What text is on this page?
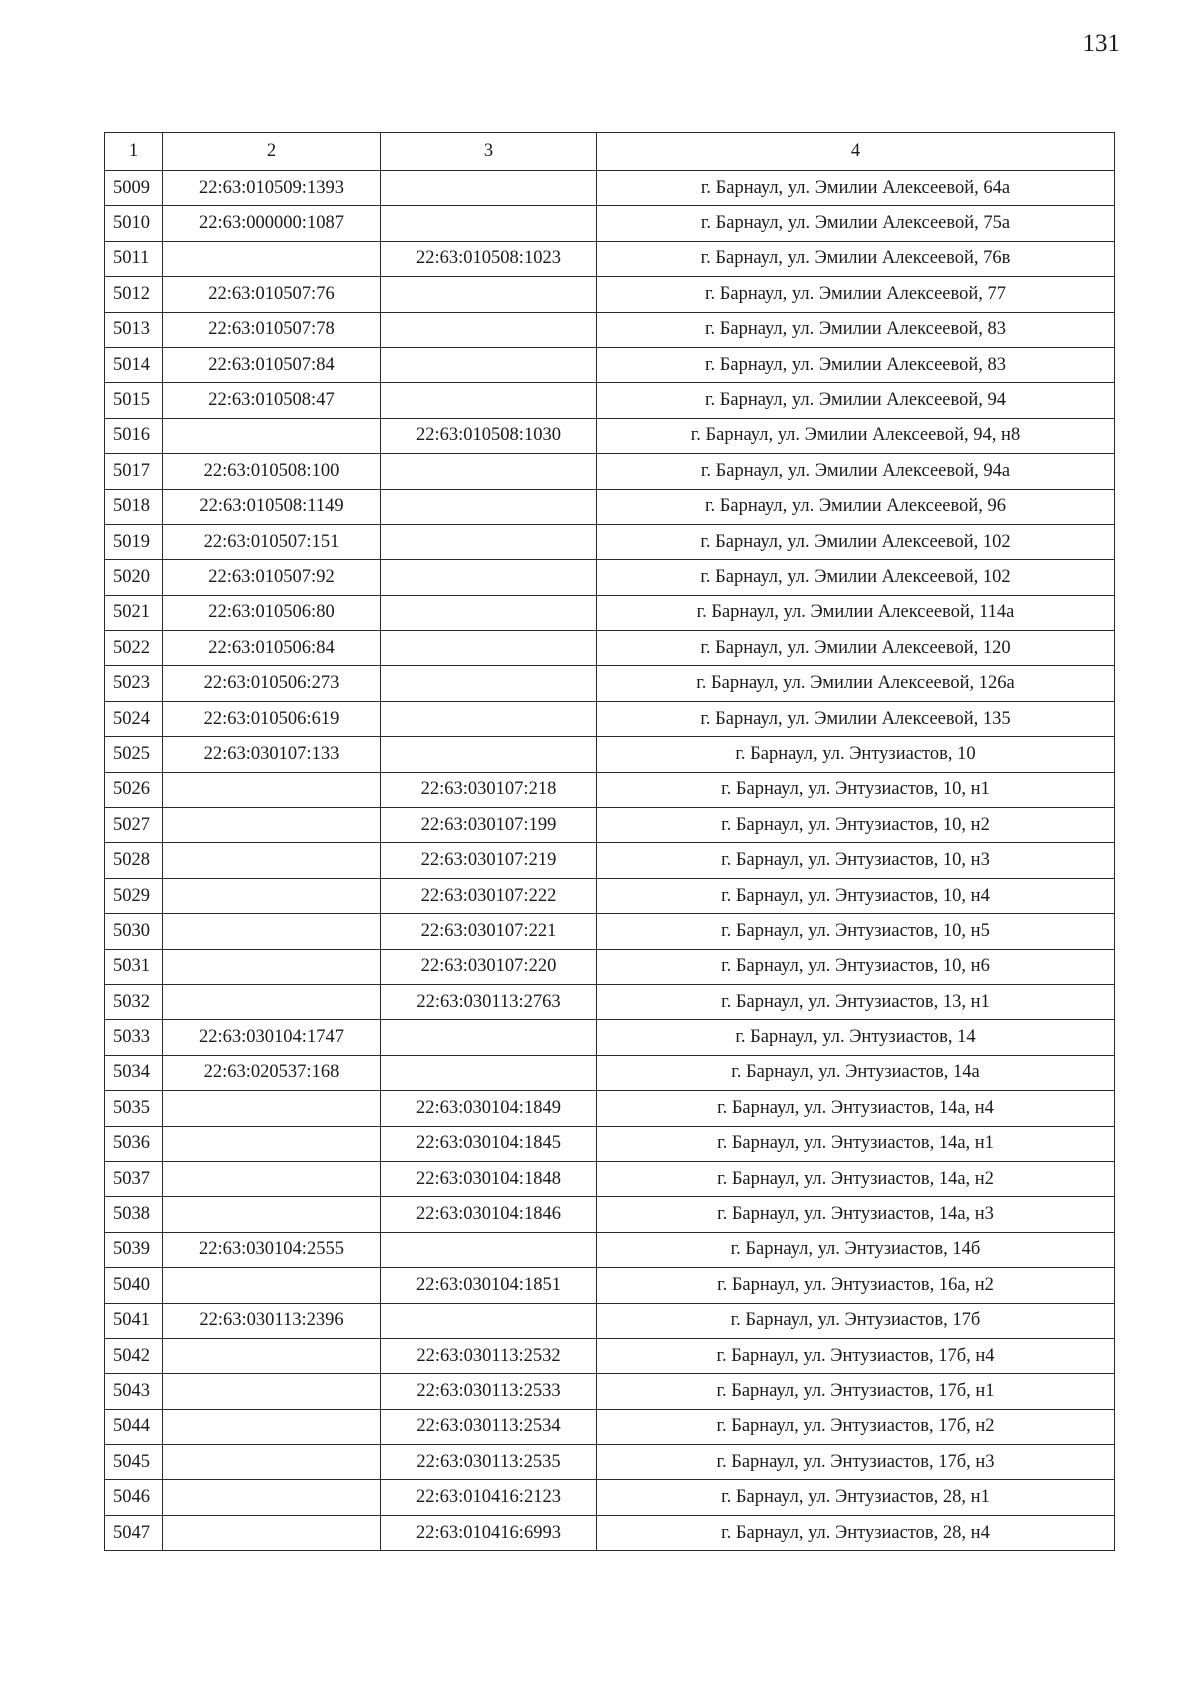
131
1	2	3	4
5009	22:63:010509:1393		г. Барнаул, ул. Эмилии Алексеевой, 64а
5010	22:63:000000:1087		г. Барнаул, ул. Эмилии Алексеевой, 75а
5011		22:63:010508:1023	г. Барнаул, ул. Эмилии Алексеевой, 76в
5012	22:63:010507:76		г. Барнаул, ул. Эмилии Алексеевой, 77
5013	22:63:010507:78		г. Барнаул, ул. Эмилии Алексеевой, 83
5014	22:63:010507:84		г. Барнаул, ул. Эмилии Алексеевой, 83
5015	22:63:010508:47		г. Барнаул, ул. Эмилии Алексеевой, 94
5016		22:63:010508:1030	г. Барнаул, ул. Эмилии Алексеевой, 94, н8
5017	22:63:010508:100		г. Барнаул, ул. Эмилии Алексеевой, 94а
5018	22:63:010508:1149		г. Барнаул, ул. Эмилии Алексеевой, 96
5019	22:63:010507:151		г. Барнаул, ул. Эмилии Алексеевой, 102
5020	22:63:010507:92		г. Барнаул, ул. Эмилии Алексеевой, 102
5021	22:63:010506:80		г. Барнаул, ул. Эмилии Алексеевой, 114а
5022	22:63:010506:84		г. Барнаул, ул. Эмилии Алексеевой, 120
5023	22:63:010506:273		г. Барнаул, ул. Эмилии Алексеевой, 126а
5024	22:63:010506:619		г. Барнаул, ул. Эмилии Алексеевой, 135
5025	22:63:030107:133		г. Барнаул, ул. Энтузиастов, 10
5026		22:63:030107:218	г. Барнаул, ул. Энтузиастов, 10, н1
5027		22:63:030107:199	г. Барнаул, ул. Энтузиастов, 10, н2
5028		22:63:030107:219	г. Барнаул, ул. Энтузиастов, 10, н3
5029		22:63:030107:222	г. Барнаул, ул. Энтузиастов, 10, н4
5030		22:63:030107:221	г. Барнаул, ул. Энтузиастов, 10, н5
5031		22:63:030107:220	г. Барнаул, ул. Энтузиастов, 10, н6
5032		22:63:030113:2763	г. Барнаул, ул. Энтузиастов, 13, н1
5033	22:63:030104:1747		г. Барнаул, ул. Энтузиастов, 14
5034	22:63:020537:168		г. Барнаул, ул. Энтузиастов, 14а
5035		22:63:030104:1849	г. Барнаул, ул. Энтузиастов, 14а, н4
5036		22:63:030104:1845	г. Барнаул, ул. Энтузиастов, 14а, н1
5037		22:63:030104:1848	г. Барнаул, ул. Энтузиастов, 14а, н2
5038		22:63:030104:1846	г. Барнаул, ул. Энтузиастов, 14а, н3
5039	22:63:030104:2555		г. Барнаул, ул. Энтузиастов, 14б
5040		22:63:030104:1851	г. Барнаул, ул. Энтузиастов, 16а, н2
5041	22:63:030113:2396		г. Барнаул, ул. Энтузиастов, 17б
5042		22:63:030113:2532	г. Барнаул, ул. Энтузиастов, 17б, н4
5043		22:63:030113:2533	г. Барнаул, ул. Энтузиастов, 17б, н1
5044		22:63:030113:2534	г. Барнаул, ул. Энтузиастов, 17б, н2
5045		22:63:030113:2535	г. Барнаул, ул. Энтузиастов, 17б, н3
5046		22:63:010416:2123	г. Барнаул, ул. Энтузиастов, 28, н1
5047		22:63:010416:6993	г. Барнаул, ул. Энтузиастов, 28, н4
